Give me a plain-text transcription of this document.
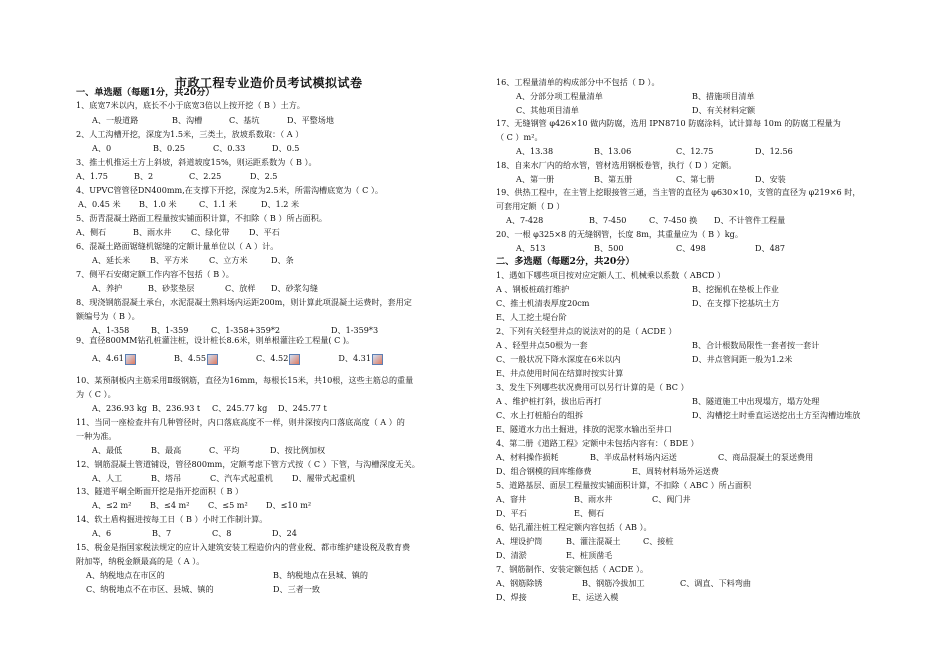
市政工程专业造价员考试模拟试卷
一、单选题（每题1分，共20分）
1、底宽7米以内，底长不小于底宽3倍以上按开挖（ B ）土方。
A、一般道路	B、沟槽	C、基坑	D、平整场地
2、人工沟槽开挖，深度为1.5米，三类土，放坡系数取：（ A ）
A、0	B、0.25	C、0.33	D、0.5
3、推土机推运土方上斜坡，斜道坡度15%，则运距系数为（ B ）。
A、1.75	B、2	C、2.25	D、2.5
4、UPVC管管径DN400mm,在支撑下开挖，深度为2.5米，所需沟槽底宽为（ C ）。
A、0.45 米 B、1.0 米	C、1.1 米	D、1.2 米
5、沥青混凝土路面工程量按实铺面积计算，不扣除（ B ）所占面积。
A、侧石	B、雨水井 C、绿化带 D、平石
6、混凝土路面锯缝机锯缝的定额计量单位以（ A ）计。
A、延长米 B、平方米	C、立方米	D、条
7、侧平石安砌定额工作内容不包括（ B ）。
A、养护	B、砂浆垫层	C、放样 D、砂浆勾缝
8、现浇钢筋混凝土承台，水泥混凝土熟料场内运距200m，则计算此项混凝土运费时，套用定
额编号为（ B ）。
A、1-358	B、1-359	C、1-358+359*2	D、1-359*3
9、直径800MM钻孔桩灌注桩，设计桩长8.6米，则单根灌注砼工程量( C )。
A、4.61	B、4.55	C、4.52	D、4.31
10、某预制板内主筋采用Ⅱ级钢筋，直径为16mm，每根长15米，共10根，这些主筋总的重量
为（ C ）。
A、236.93 kg B、236.93 t C、245.77 kg D、245.77 t
11、当同一座检查井有几种管径时，内口落底高度不一样，则井深按内口落底高度（ A ）的
一种为准。
A、最低	B、最高	C、平均	D、按比例加权
12、钢筋混凝土管道铺设，管径800mm，定额考虑下管方式按（ C ）下管，与沟槽深度无关。
A、人工	B、塔吊	C、汽车式起重机 D、履带式起重机
13、隧道平峒全断面开挖是指开挖面积（ B ）
A、≤2 m² B、≤4 m² C、≤5 m² D、≤10 m²
14、软土盾构掘进按每工日（ B ）小时工作制计算。
A、6	B、7	C、8	D、24
15、税金是指国家税法规定的应计入建筑安装工程造价内的营业税、都市维护建设税及教育费
附加等，纳税金额最高的是（ A ）。
A、纳税地点在市区的	B、纳税地点在县城、镇的
C、纳税地点不在市区、县城、镇的	D、三者一致
16、工程量清单的构成部分中不包括（ D ）。
A、分部分项工程量清单	B、措施项目清单
C、其他项目清单	D、有关材料定额
17、无缝钢管 φ426×10 做内防腐，选用 IPN8710 防腐涂料，试计算每 10m 的防腐工程量为
（ C ）m²。
A、13.38	B、13.06	C、12.75	D、12.56
18、自来水厂内的给水管，管材选用钢板卷管，执行（ D ）定额。
A、第一册	B、第五册	C、第七册	D、安装
19、供热工程中，在主管上挖眼接管三通，当主管的直径为 φ630×10，支管的直径为 φ219×6 时，
可套用定额（ D ）
A、7-428	B、7-450	C、7-450 换 D、不计管件工程量
20、一根 φ325×8 的无缝钢管，长度 8m，其重量应为（ B ）kg。
A、513	B、500	C、498	D、487
二、多选题（每题2分，共20分）
1、遇如下哪些项目按对应定额人工、机械乘以系数（ ABCD ）
A 、钢板桩疏打维护	B、挖掘机在垫板上作业
C、推土机清表厚度20cm	D、在支撑下挖基坑土方
E、人工挖土堤台阶
2、下列有关轻型井点的说法对的的是（ ACDE ）
A 、轻型井点50根为一套	B、合计根数局限性一套者按一套计
C、一般状况下降水深度在6米以内	D、井点管间距一般为1.2米
E、井点使用时间在结算时按实计算
3、发生下列哪些状况费用可以另行计算的是（ BC ）
A 、维护桩打斜，拔出后再打	B、隧道施工中出现塌方，塌方处理
C、水上打桩船台的组拆	D、沟槽挖土时垂直运送挖出土方至沟槽边堆放
E、隧道水力出土掘进，排放的泥浆水输出至井口
4、第二册《道路工程》定额中未包括内容有：（ BDE ）
A、材料操作损耗	B、半成品材料场内运送	C、商品混凝土的泵送费用
D、组合钢模的回库维修费	E、周转材料场外运送费
5、道路基层、面层工程量按实铺面积计算，不扣除（ ABC ）所占面积
A、窨井	B、雨水井	C、阀门井
D、平石	E、侧石
6、钻孔灌注桩工程定额内容包括（ AB ）。
A、埋设护筒	B、灌注混凝土	C、接桩
D、清淤	E、桩顶凿毛
7、钢筋制作、安装定额包括（ ACDE ）。
A、钢筋除锈	B、钢筋冷拔加工	C、调直、下料弯曲
D、焊接	E、运送入模
